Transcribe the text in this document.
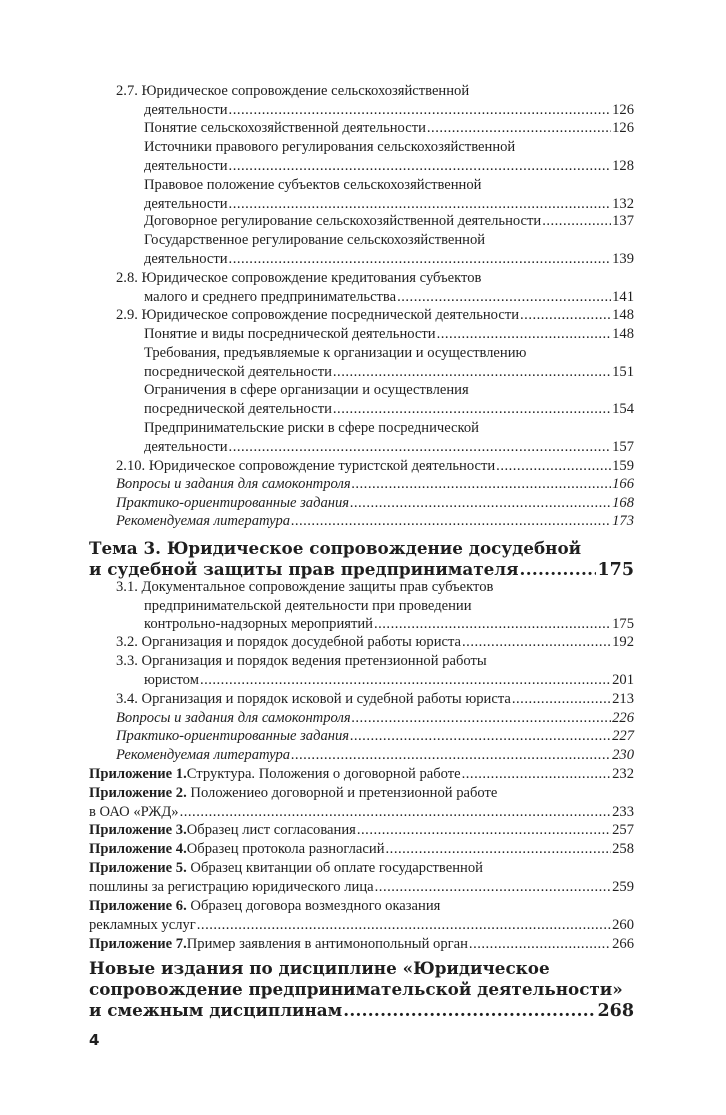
2.7. Юридическое сопровождение сельскохозяйственной
деятельности .....	126
Понятие сельскохозяйственной деятельности .....	126
Источники правового регулирования сельскохозяйственной
деятельности .....	128
Правовое положение субъектов сельскохозяйственной
деятельности .....	132
Договорное регулирование сельскохозяйственной деятельности .....	137
Государственное регулирование сельскохозяйственной
деятельности .....	139
2.8. Юридическое сопровождение кредитования субъектов
малого и среднего предпринимательства .....	141
2.9. Юридическое сопровождение посреднической деятельности .....	148
Понятие и виды посреднической деятельности .....	148
Требования, предъявляемые к организации и осуществлению
посреднической деятельности .....	151
Ограничения в сфере организации и осуществления
посреднической деятельности .....	154
Предпринимательские риски в сфере посреднической
деятельности .....	157
2.10. Юридическое сопровождение туристской деятельности .....	159
Вопросы и задания для самоконтроля .....	166
Практико-ориентированные задания .....	168
Рекомендуемая литература .....	173
Тема 3. Юридическое сопровождение досудебной
и судебной защиты прав предпринимателя .....	175
3.1. Документальное сопровождение защиты прав субъектов
предпринимательской деятельности при проведении
контрольно-надзорных мероприятий .....	175
3.2. Организация и порядок досудебной работы юриста .....	192
3.3. Организация и порядок ведения претензионной работы
юристом .....	201
3.4. Организация и порядок исковой и судебной работы юриста .....	213
Вопросы и задания для самоконтроля .....	226
Практико-ориентированные задания .....	227
Рекомендуемая литература .....	230
Приложение 1. Структура. Положения о договорной работе .....	232
Приложение 2. Положениео договорной и претензионной работе
в ОАО «РЖД» .....	233
Приложение 3. Образец лист согласования .....	257
Приложение 4. Образец протокола разногласий .....	258
Приложение 5. Образец квитанции об оплате государственной
пошлины за регистрацию юридического лица .....	259
Приложение 6. Образец договора возмездного оказания
рекламных услуг .....	260
Приложение 7. Пример заявления в антимонопольный орган .....	266
Новые издания по дисциплине «Юридическое
сопровождение предпринимательской деятельности»
и смежным дисциплинам .....	268
4
